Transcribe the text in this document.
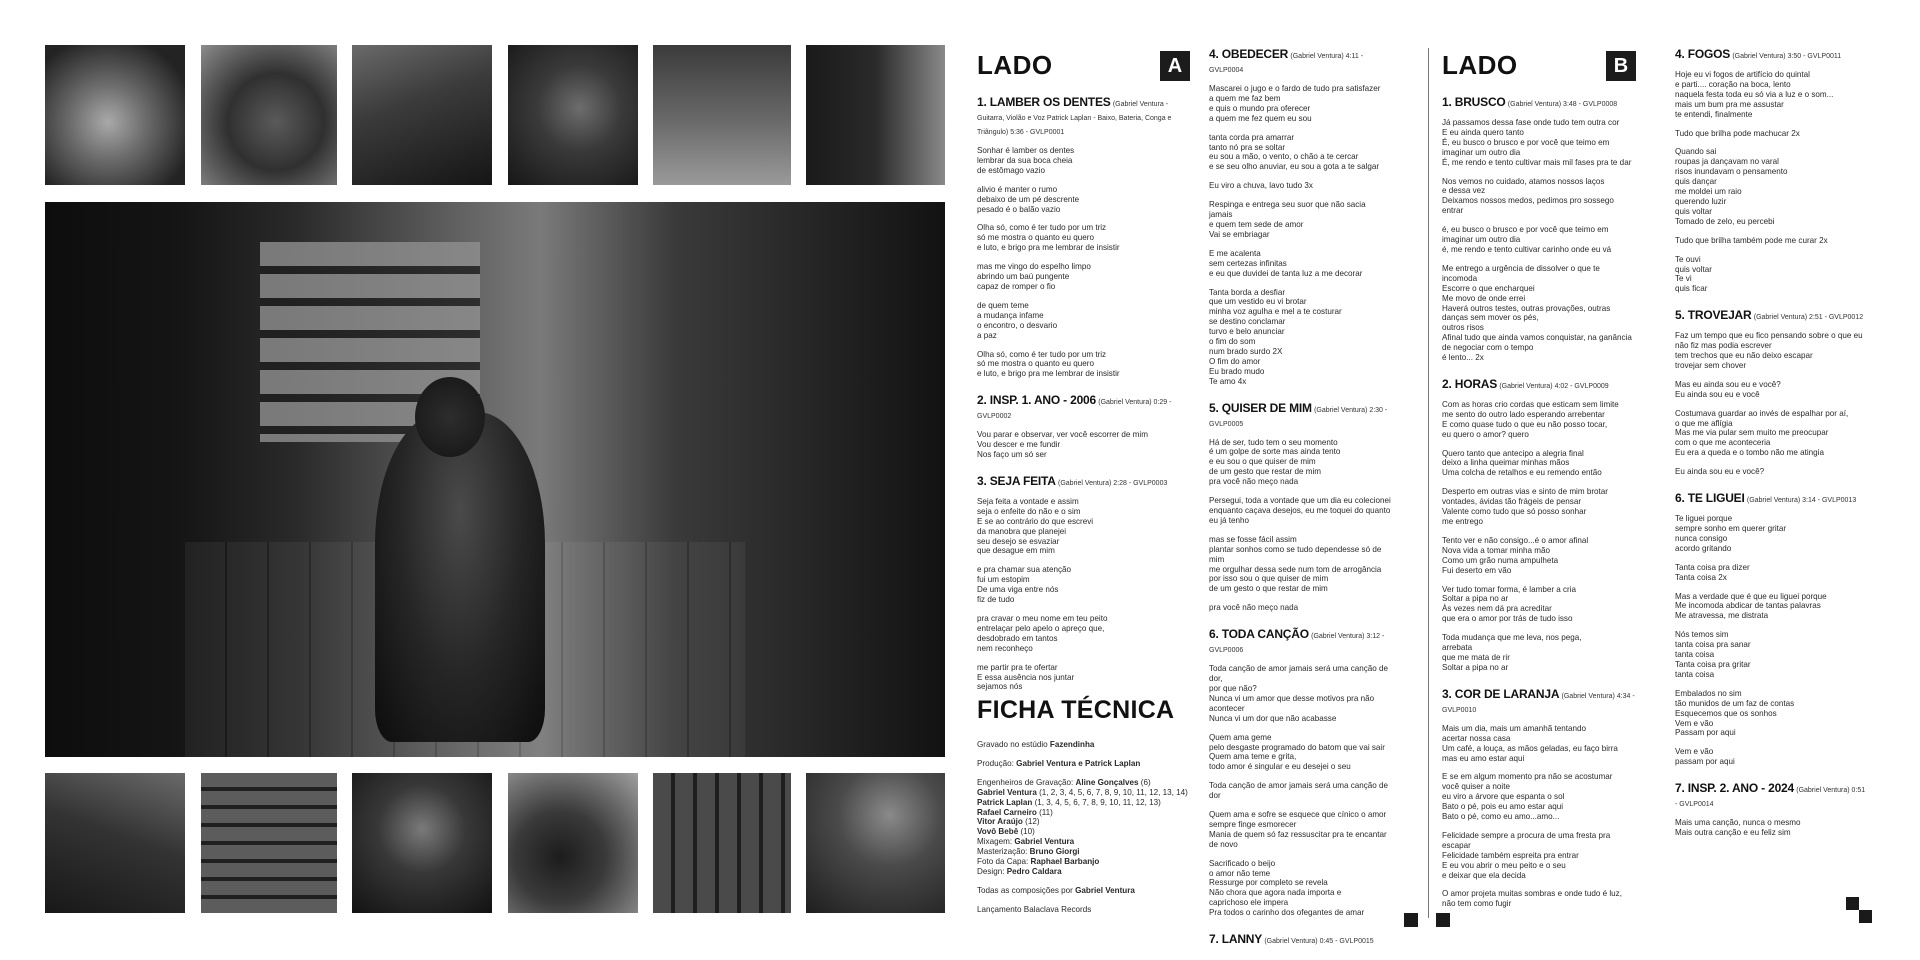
LADO	A
1. LAMBER OS DENTES (Gabriel Ventura - Guitarra, Violão e Voz Patrick Laplan - Baixo, Bateria, Conga e Triângulo) 5:36 - GVLP0001
Sonhar é lamber os dentes
lembrar da sua boca cheia
de estômago vazio
alivio é manter o rumo
debaixo de um pé descrente
pesado é o balão vazio
Olha só, como é ter tudo por um triz
só me mostra o quanto eu quero
e luto, e brigo pra me lembrar de insistir
mas me vingo do espelho limpo
abrindo um baú pungente
capaz de romper o fio
de quem teme
a mudança infame
o encontro, o desvario
a paz
Olha só, como é ter tudo por um triz
só me mostra o quanto eu quero
e luto, e brigo pra me lembrar de insistir
2. INSP. 1. ANO - 2006 (Gabriel Ventura) 0:29 - GVLP0002
Vou parar e observar, ver você escorrer de mim
Vou descer e me fundir
Nos faço um só ser
3. SEJA FEITA (Gabriel Ventura) 2:28 - GVLP0003
Seja feita a vontade e assim
seja o enfeite do não e o sim
E se ao contrário do que escrevi
da manobra que planejei
seu desejo se esvaziar
que desague em mim
e pra chamar sua atenção
fui um estopim
De uma viga entre nós
fiz de tudo
pra cravar o meu nome em teu peito
entrelaçar pelo apelo o apreço que,
desdobrado em tantos
nem reconheço
me partir pra te ofertar
E essa ausência nos juntar
sejamos nós
FICHA TÉCNICA
Gravado no estúdio Fazendinha
Produção: Gabriel Ventura e Patrick Laplan
Engenheiros de Gravação: Aline Gonçalves (6)
Gabriel Ventura (1, 2, 3, 4, 5, 6, 7, 8, 9, 10, 11, 12, 13, 14)
Patrick Laplan (1, 3, 4, 5, 6, 7, 8, 9, 10, 11, 12, 13)
Rafael Carneiro (11)
Vitor Araújo (12)
Vovô Bebê (10)
Mixagem: Gabriel Ventura
Masterização: Bruno Giorgi
Foto da Capa: Raphael Barbanjo
Design: Pedro Caldara
Todas as composições por Gabriel Ventura
Lançamento Balaclava Records
4. OBEDECER (Gabriel Ventura) 4:11 - GVLP0004
Mascarei o jugo e o fardo de tudo pra satisfazer
a quem me faz bem
e quis o mundo pra oferecer
a quem me fez quem eu sou
tanta corda pra amarrar
tanto nó pra se soltar
eu sou a mão, o vento, o chão a te cercar
e se seu olho anuviar, eu sou a gota a te salgar
Eu viro a chuva, lavo tudo 3x
Respinga e entrega seu suor que não sacia jamais
e quem tem sede de amor
Vai se embriagar
E me acalenta
sem certezas infinitas
e eu que duvidei de tanta luz a me decorar
Tanta borda a desfiar
que um vestido eu vi brotar
minha voz agulha e mel a te costurar
se destino conclamar
turvo e belo anunciar
o fim do som
num brado surdo 2X
O fim do amor
Eu brado mudo
Te amo 4x
5. QUISER DE MIM (Gabriel Ventura) 2:30 - GVLP0005
Há de ser, tudo tem o seu momento
é um golpe de sorte mas ainda tento
e eu sou o que quiser de mim
de um gesto que restar de mim
pra você não meço nada
Persegui, toda a vontade que um dia eu colecionei
enquanto caçava desejos, eu me toquei do quanto eu já tenho
mas se fosse fácil assim
plantar sonhos como se tudo dependesse só de mim
me orgulhar dessa sede num tom de arrogância
por isso sou o que quiser de mim
de um gesto o que restar de mim
pra você não meço nada
6. TODA CANÇÃO (Gabriel Ventura) 3:12 - GVLP0006
Toda canção de amor jamais será uma canção de dor,
por que não?
Nunca vi um amor que desse motivos pra não acontecer
Nunca vi um dor que não acabasse
Quem ama geme
pelo desgaste programado do batom que vai sair
Quem ama teme e grita,
todo amor é singular e eu desejei o seu
Toda canção de amor jamais será uma canção de dor
Quem ama e sofre se esquece que cínico o amor
sempre finge esmorecer
Mania de quem só faz ressuscitar pra te encantar de novo
Sacrificado o beijo
o amor não teme
Ressurge por completo se revela
Não chora que agora nada importa e
caprichoso ele impera
Pra todos o carinho dos ofegantes de amar
7. LANNY (Gabriel Ventura) 0:45 - GVLP0015
LADO	B
1. BRUSCO (Gabriel Ventura) 3:48 - GVLP0008
Já passamos dessa fase onde tudo tem outra cor
E eu ainda quero tanto
É, eu busco o brusco e por você que teimo em imaginar um outro dia
É, me rendo e tento cultivar mais mil fases pra te dar
Nos vemos no cuidado, atamos nossos laços
e dessa vez
Deixamos nossos medos, pedimos pro sossego entrar
é, eu busco o brusco e por você que teimo em imaginar um outro dia
é, me rendo e tento cultivar carinho onde eu vá
Me entrego a urgência de dissolver o que te incomoda
Escorre o que encharquei
Me movo de onde errei
Haverá outros testes, outras provações, outras danças sem mover os pés,
outros risos
Afinal tudo que ainda vamos conquistar, na ganância de negociar com o tempo
é lento... 2x
2. HORAS (Gabriel Ventura) 4:02 - GVLP0009
Com as horas crio cordas que esticam sem limite
me sento do outro lado esperando arrebentar
E como quase tudo o que eu não posso tocar,
eu quero o amor? quero
Quero tanto que antecipo a alegria final
deixo a linha queimar minhas mãos
Uma colcha de retalhos e eu remendo então
Desperto em outras vias e sinto de mim brotar vontades, ávidas tão frágeis de pensar
Valente como tudo que só posso sonhar
me entrego
Tento ver e não consigo...é o amor afinal
Nova vida a tomar minha mão
Como um grão numa ampulheta
Fui deserto em vão
Ver tudo tomar forma, é lamber a cria
Soltar a pipa no ar
Às vezes nem dá pra acreditar
que era o amor por trás de tudo isso
Toda mudança que me leva, nos pega,
arrebata
que me mata de rir
Soltar a pipa no ar
3. COR DE LARANJA (Gabriel Ventura) 4:34 - GVLP0010
Mais um dia, mais um amanhã tentando
acertar nossa casa
Um café, a louça, as mãos geladas, eu faço birra
mas eu amo estar aqui
E se em algum momento pra não se acostumar
você quiser a noite
eu viro a árvore que espanta o sol
Bato o pé, pois eu amo estar aqui
Bato o pé, como eu amo...amo...
Felicidade sempre a procura de uma fresta pra escapar
Felicidade também espreita pra entrar
E eu vou abrir o meu peito e o seu
e deixar que ela decida
O amor projeta muitas sombras e onde tudo é luz,
não tem como fugir
4. FOGOS (Gabriel Ventura) 3:50 - GVLP0011
Hoje eu vi fogos de artifício do quintal
e parti.... coração na boca, lento
naquela festa toda eu só via a luz e o som...
mais um bum pra me assustar
te entendi, finalmente
Tudo que brilha pode machucar 2x
Quando sai
roupas ja dançavam no varal
risos inundavam o pensamento
quis dançar
me moldei um raio
querendo luzir
quis voltar
Tomado de zelo, eu percebi
Tudo que brilha também pode me curar 2x
Te ouvi
quis voltar
Te vi
quis ficar
5. TROVEJAR (Gabriel Ventura) 2:51 - GVLP0012
Faz um tempo que eu fico pensando sobre o que eu não fiz mas podia escrever
tem trechos que eu não deixo escapar
trovejar sem chover
Mas eu ainda sou eu e você?
Eu ainda sou eu e você
Costumava guardar ao invés de espalhar por aí,
o que me aflígia
Mas me via pular sem muito me preocupar
com o que me aconteceria
Eu era a queda e o tombo não me atingia
Eu ainda sou eu e você?
6. TE LIGUEI (Gabriel Ventura) 3:14 - GVLP0013
Te liguei porque
sempre sonho em querer gritar
nunca consigo
acordo gritando
Tanta coisa pra dizer
Tanta coisa 2x
Mas a verdade que é que eu liguei porque
Me incomoda abdicar de tantas palavras
Me atravessa, me distrata
Nós temos sim
tanta coisa pra sanar
tanta coisa
Tanta coisa pra gritar
tanta coisa
Embalados no sim
tão munidos de um faz de contas
Esquecemos que os sonhos
Vem e vão
Passam por aqui
Vem e vão
passam por aqui
7. INSP. 2. ANO - 2024 (Gabriel Ventura) 0:51 - GVLP0014
Mais uma canção, nunca o mesmo
Mais outra canção e eu feliz sim
